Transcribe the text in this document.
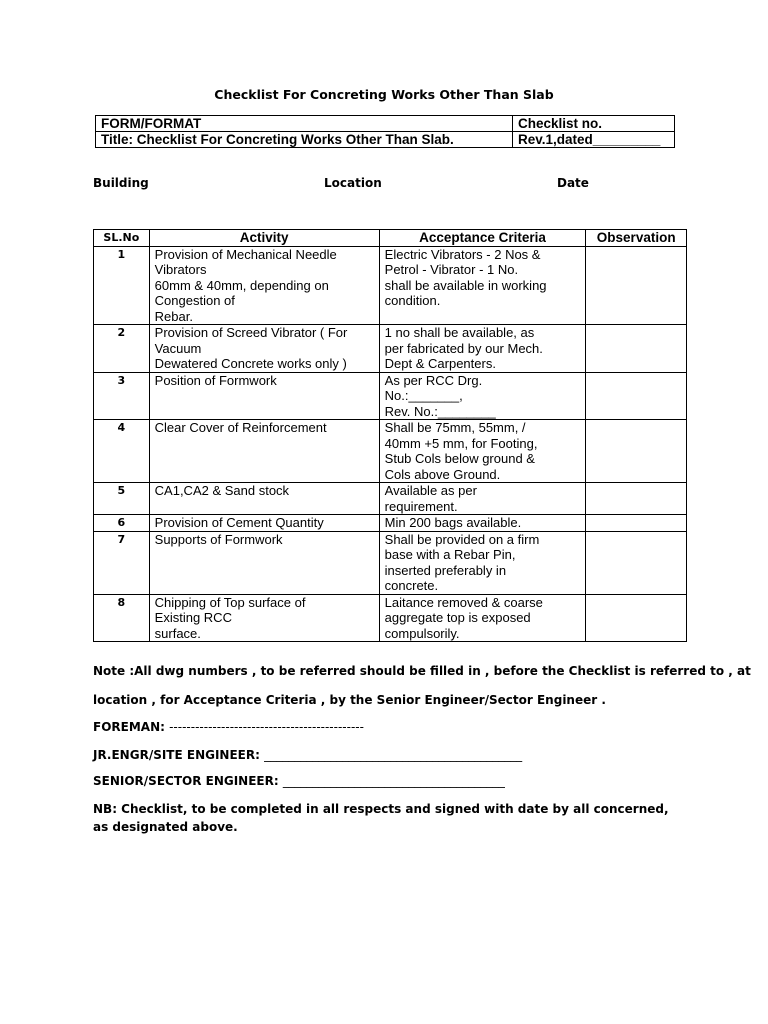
Checklist For Concreting Works Other Than Slab
FORM/FORMAT	Checklist no.
Title: Checklist For Concreting Works Other Than Slab.	Rev.1,dated_________
Building	Location	Date
SL.No	Activity	Acceptance Criteria	Observation
1	Provision of Mechanical Needle
Vibrators
60mm & 40mm, depending on
Congestion of
Rebar.	Electric Vibrators - 2 Nos &
Petrol - Vibrator - 1 No.
shall be available in working
condition.	

2	Provision of Screed Vibrator ( For
Vacuum
Dewatered Concrete works only )	1 no shall be available, as
per fabricated by our Mech.
Dept & Carpenters.	

3	Position of Formwork	As per RCC Drg.
No.:_______,
Rev. No.:________	

4	Clear Cover of Reinforcement	Shall be 75mm, 55mm, /
40mm +5 mm, for Footing,
Stub Cols below ground &
Cols above Ground.	

5	CA1,CA2 & Sand stock	Available as per
requirement.	

6	Provision of Cement Quantity	Min 200 bags available.	

7	Supports of Formwork	Shall be provided on a firm
base with a Rebar Pin,
inserted preferably in
concrete.	

8	Chipping of Top surface of
Existing RCC
surface.	Laitance removed & coarse
aggregate top is exposed
compulsorily.	

Note :All dwg numbers , to be referred should be filled in , before the Checklist is referred to , at

location , for Acceptance Criteria , by the Senior Engineer/Sector Engineer .

FOREMAN: ---------------------------------------------

JR.ENGR/SITE ENGINEER: ___________________________________________

SENIOR/SECTOR ENGINEER: _____________________________________

NB: Checklist, to be completed in all respects and signed with date by all concerned, as designated above.
